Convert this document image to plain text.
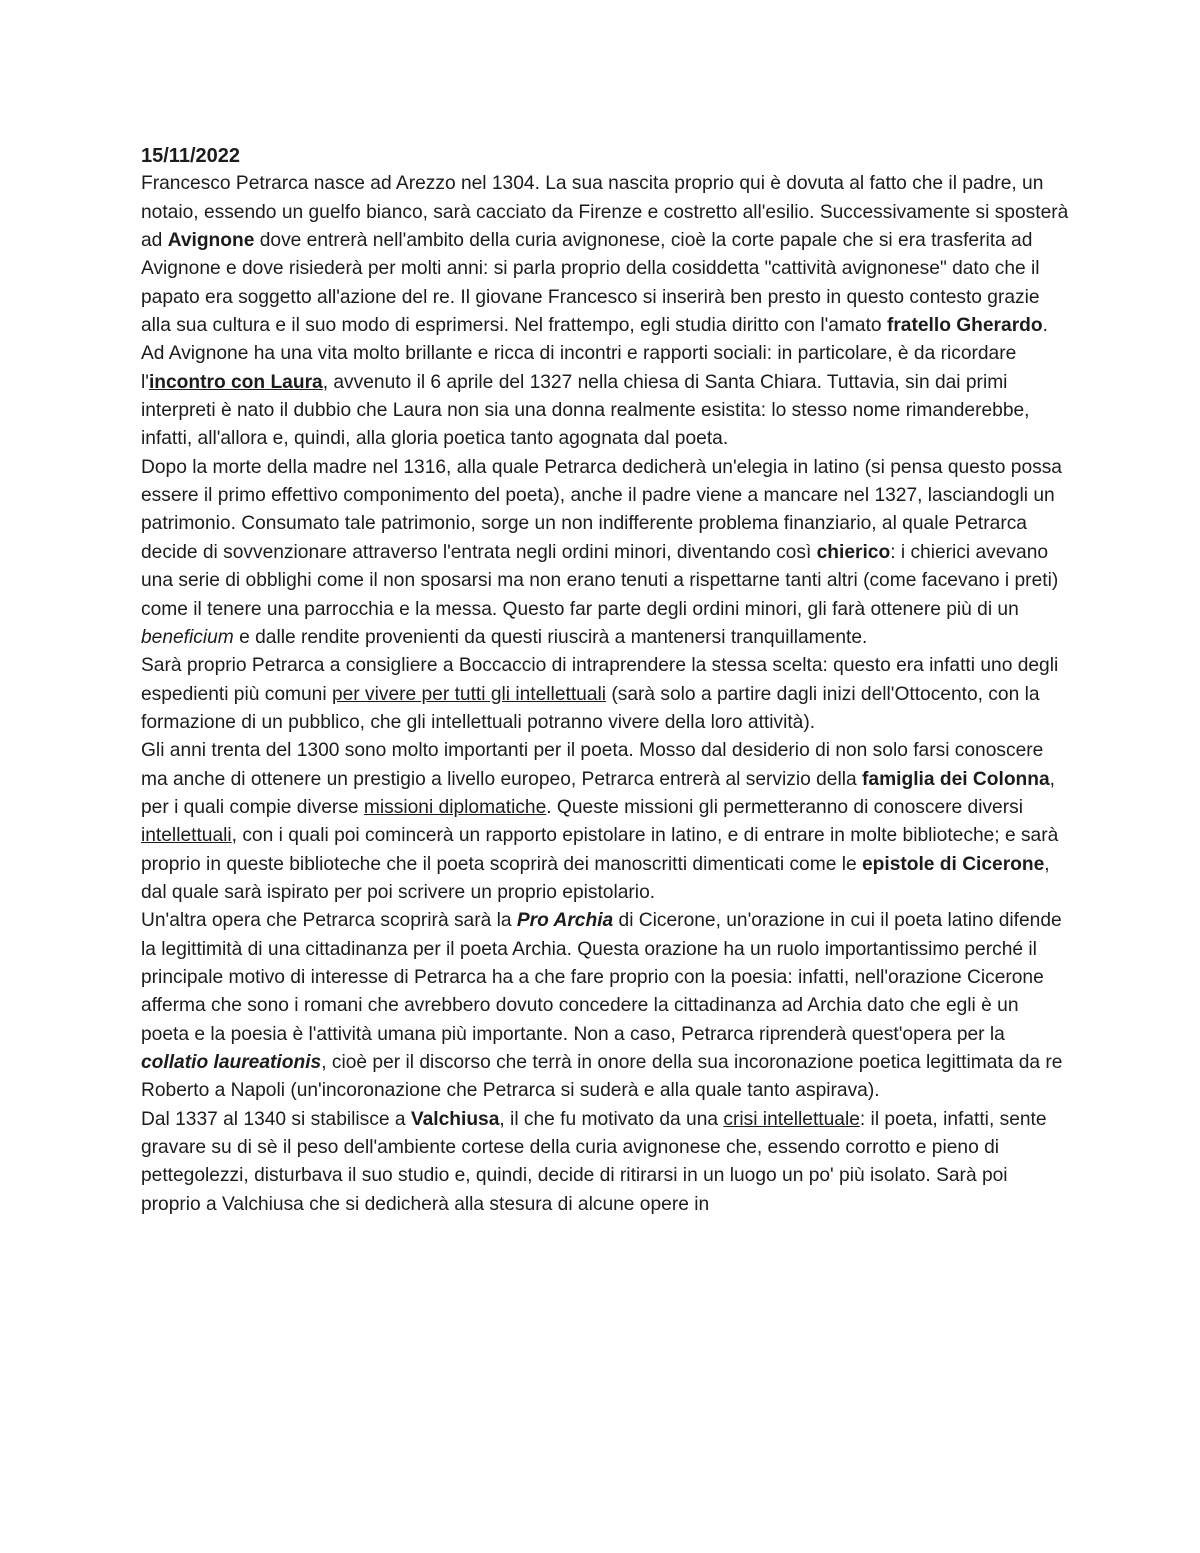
15/11/2022

Francesco Petrarca nasce ad Arezzo nel 1304. La sua nascita proprio qui è dovuta al fatto che il padre, un notaio, essendo un guelfo bianco, sarà cacciato da Firenze e costretto all'esilio. Successivamente si sposterà ad Avignone dove entrerà nell'ambito della curia avignonese, cioè la corte papale che si era trasferita ad Avignone e dove risiederà per molti anni: si parla proprio della cosiddetta "cattività avignonese" dato che il papato era soggetto all'azione del re. Il giovane Francesco si inserirà ben presto in questo contesto grazie alla sua cultura e il suo modo di esprimersi. Nel frattempo, egli studia diritto con l'amato fratello Gherardo.

Ad Avignone ha una vita molto brillante e ricca di incontri e rapporti sociali: in particolare, è da ricordare l'incontro con Laura, avvenuto il 6 aprile del 1327 nella chiesa di Santa Chiara. Tuttavia, sin dai primi interpreti è nato il dubbio che Laura non sia una donna realmente esistita: lo stesso nome rimanderebbe, infatti, all'allora e, quindi, alla gloria poetica tanto agognata dal poeta.

Dopo la morte della madre nel 1316, alla quale Petrarca dedicherà un'elegia in latino (si pensa questo possa essere il primo effettivo componimento del poeta), anche il padre viene a mancare nel 1327, lasciandogli un patrimonio. Consumato tale patrimonio, sorge un non indifferente problema finanziario, al quale Petrarca decide di sovvenzionare attraverso l'entrata negli ordini minori, diventando così chierico: i chierici avevano una serie di obblighi come il non sposarsi ma non erano tenuti a rispettarne tanti altri (come facevano i preti) come il tenere una parrocchia e la messa. Questo far parte degli ordini minori, gli farà ottenere più di un beneficium e dalle rendite provenienti da questi riuscirà a mantenersi tranquillamente.

Sarà proprio Petrarca a consigliere a Boccaccio di intraprendere la stessa scelta: questo era infatti uno degli espedienti più comuni per vivere per tutti gli intellettuali (sarà solo a partire dagli inizi dell'Ottocento, con la formazione di un pubblico, che gli intellettuali potranno vivere della loro attività).

Gli anni trenta del 1300 sono molto importanti per il poeta. Mosso dal desiderio di non solo farsi conoscere ma anche di ottenere un prestigio a livello europeo, Petrarca entrerà al servizio della famiglia dei Colonna, per i quali compie diverse missioni diplomatiche. Queste missioni gli permetteranno di conoscere diversi intellettuali, con i quali poi comincerà un rapporto epistolare in latino, e di entrare in molte biblioteche; e sarà proprio in queste biblioteche che il poeta scoprirà dei manoscritti dimenticati come le epistole di Cicerone, dal quale sarà ispirato per poi scrivere un proprio epistolario.

Un'altra opera che Petrarca scoprirà sarà la Pro Archia di Cicerone, un'orazione in cui il poeta latino difende la legittimità di una cittadinanza per il poeta Archia. Questa orazione ha un ruolo importantissimo perché il principale motivo di interesse di Petrarca ha a che fare proprio con la poesia: infatti, nell'orazione Cicerone afferma che sono i romani che avrebbero dovuto concedere la cittadinanza ad Archia dato che egli è un poeta e la poesia è l'attività umana più importante. Non a caso, Petrarca riprenderà quest'opera per la collatio laureationis, cioè per il discorso che terrà in onore della sua incoronazione poetica legittimata da re Roberto a Napoli (un'incoronazione che Petrarca si suderà e alla quale tanto aspirava).

Dal 1337 al 1340 si stabilisce a Valchiusa, il che fu motivato da una crisi intellettuale: il poeta, infatti, sente gravare su di sè il peso dell'ambiente cortese della curia avignonese che, essendo corrotto e pieno di pettegolezzi, disturbava il suo studio e, quindi, decide di ritirarsi in un luogo un po' più isolato. Sarà poi proprio a Valchiusa che si dedicherà alla stesura di alcune opere in
